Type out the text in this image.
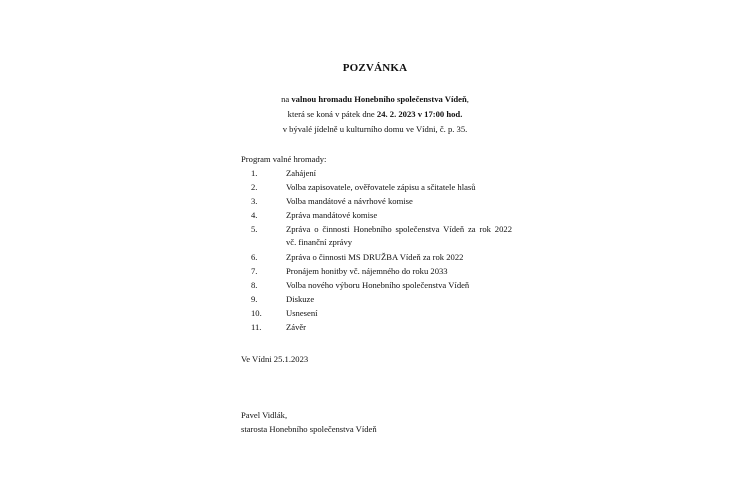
POZVÁNKA
na valnou hromadu Honebního společenstva Vídeň,
která se koná v pátek dne 24. 2. 2023 v 17:00 hod.
v bývalé jídelně u kulturního domu ve Vídni, č. p. 35.
Program valné hromady:
1.	Zahájení
2.	Volba zapisovatele, ověřovatele zápisu a sčitatele hlasů
3.	Volba mandátové a návrhové komise
4.	Zpráva mandátové komise
5.	Zpráva o činnosti Honebního společenstva Vídeň za rok 2022
vč. finanční zprávy
6.	Zpráva o činnosti MS DRUŽBA Vídeň za rok 2022
7.	Pronájem honitby vč. nájemného do roku 2033
8.	Volba nového výboru Honebního společenstva Vídeň
9.	Diskuze
10.	Usnesení
11.	Závěr
Ve Vídni 25.1.2023
Pavel Vidlák,
starosta Honebního společenstva Vídeň
